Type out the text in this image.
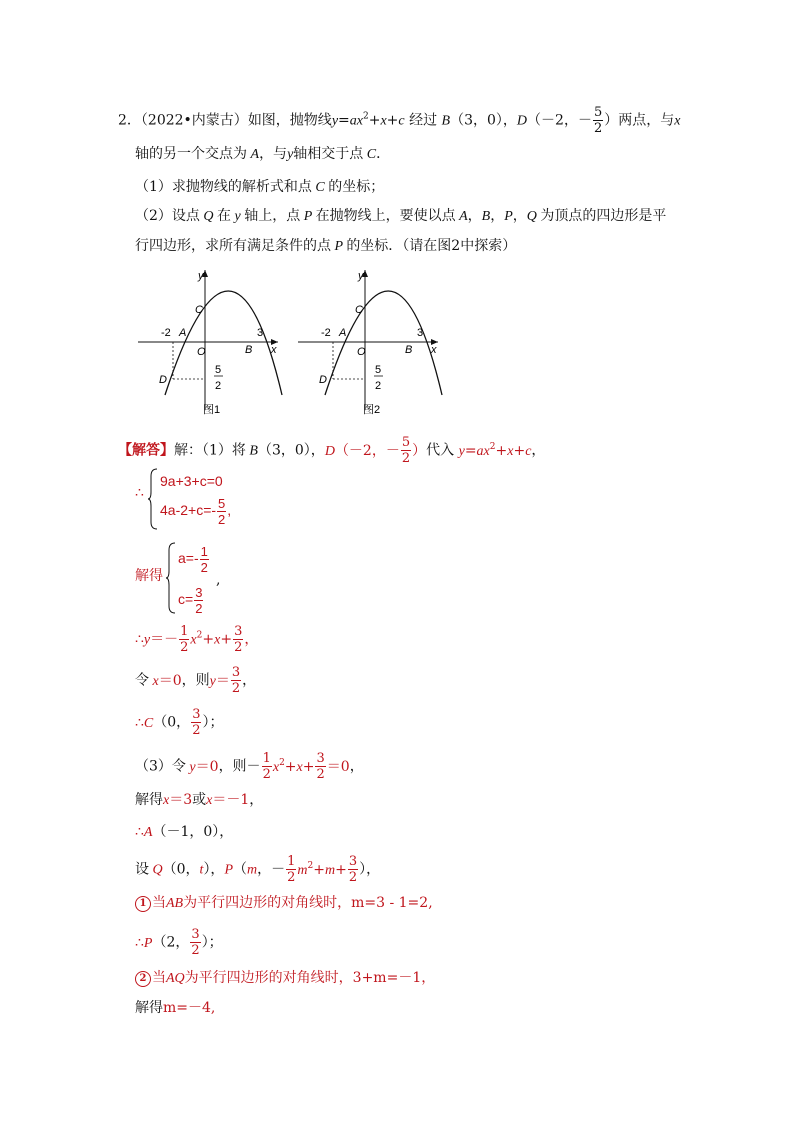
2．（2022•内蒙古）如图，抛物线$y=ax^2+x+c$ 经过 B（3，0），D（－2，－ $\frac{5}{2}$ ）两点，与x
轴的另一个交点为 A，与y轴相交于点 C．
（1）求抛物线的解析式和点 C 的坐标；
（2）设点 Q 在 y 轴上，点 P 在抛物线上，要使以点 A，B，P，Q 为顶点的四边形是平
行四边形，求所有满足条件的点 P 的坐标．（请在图2中探索）
y
x
C
A
O	B
3
-2
D
5
2
图1
y
x
C
A
O	B
3
-2
D
5
2
图2
【解答】解：（1）将 B（3，0），D（－2，－ $\frac{5}{2}$ ）代入 $y=ax^2+x+c$，
∴
9a+3+c=0
$4a-2+c=- \frac{5}{2}$ ,
解得
$a=- \frac{1}{2}$
$c= \frac{3}{2}$
,
∴y＝－ $\frac{1}{2} x^2+x+ \frac{3}{2}$ ，
令 x＝0，则$y= \frac{3}{2}$ ，
∴C（0， $\frac{3}{2}$ ）；
（3）令 y＝0，则－ $\frac{1}{2} x^2+x+ \frac{3}{2} =0$，
解得x＝3或x＝－1，
∴A（－1，0），
设 Q（0，t），P（m，－ $\frac{1}{2} m^2+m+ \frac{3}{2}$ ），
1 当AB为平行四边形的对角线时，m=3 - 1=2,
∴P（2， $\frac{3}{2}$ ）；
2 当AQ为平行四边形的对角线时，3+m=－1，
解得m=－4,
